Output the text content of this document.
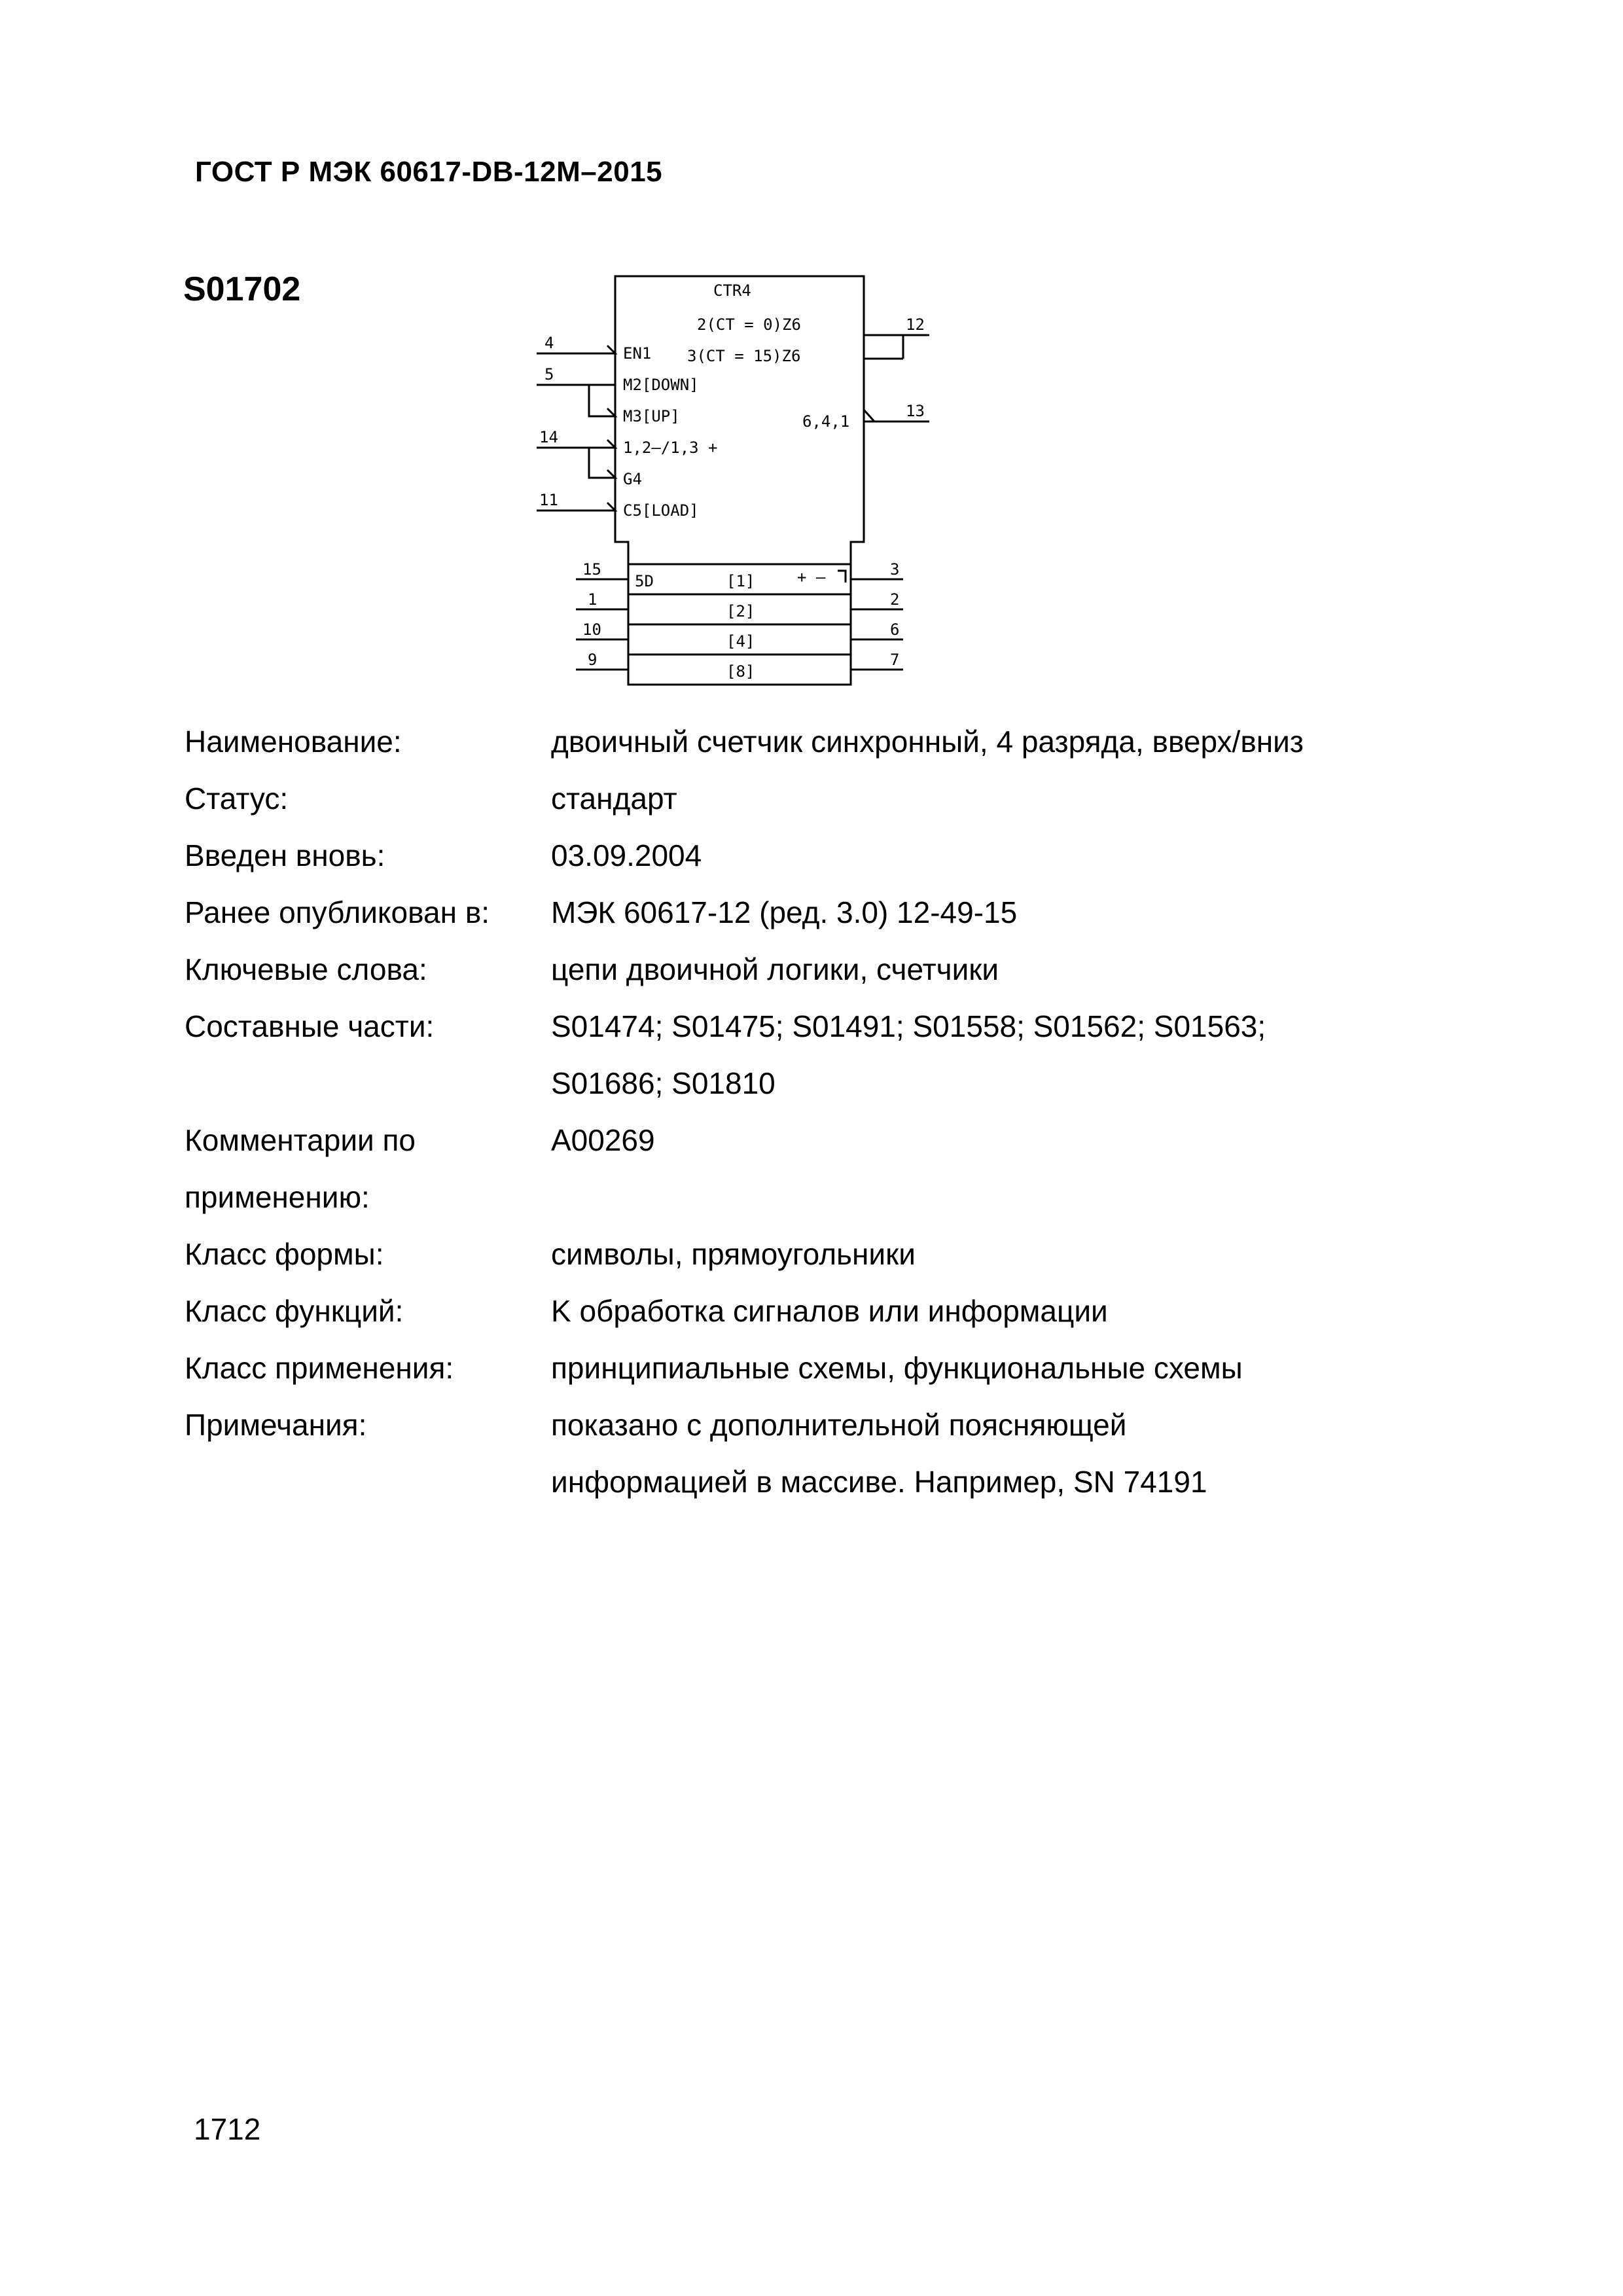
ГОСТ Р МЭК 60617-DB-12M–2015
S01702	CTR4
2(CT = 0)Z6
3(CT = 15)Z6
6,4,1
EN1
M2[DOWN]
M3[UP]
1,2–/1,3 +
G4
C5[LOAD]
5D	+ –
[1]
[2]
[4]
[8]
4
5
14
11
15
1
10
9
12
13
3
2
6
7
Наименование:	двоичный счетчик синхронный, 4 разряда, вверх/вниз
Статус:	стандарт
Введен вновь:	03.09.2004
Ранее опубликован в:	МЭК 60617-12 (ред. 3.0) 12-49-15
Ключевые слова:	цепи двоичной логики, счетчики
Составные части:	S01474; S01475; S01491; S01558; S01562; S01563;
S01686; S01810
Комментарии по применению:
A00269
Класс формы:	символы, прямоугольники
Класс функций:	K обработка сигналов или информации
Класс применения:	принципиальные схемы, функциональные схемы
Примечания:	показано с дополнительной поясняющей
информацией в массиве. Например, SN 74191
1712
